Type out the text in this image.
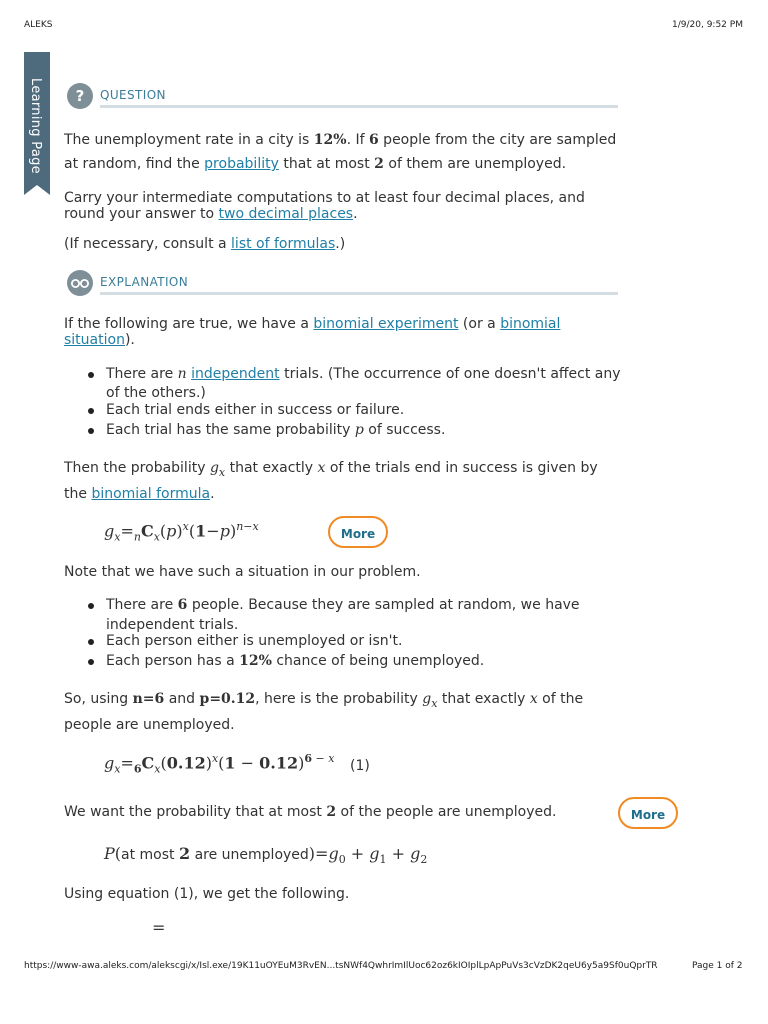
ALEKS	1/9/20, 9:52 PM
Learning Page	?	QUESTION
The unemployment rate in a city is 12%. If 6 people from the city are sampled
at random, find the probability that at most 2 of them are unemployed.
Carry your intermediate computations to at least four decimal places, and
round your answer to two decimal places.
(If necessary, consult a list of formulas.)
EXPLANATION
If the following are true, we have a binomial experiment (or a binomial
situation).
There are n independent trials. (The occurrence of one doesn't affect any
of the others.)
Each trial ends either in success or failure.
Each trial has the same probability p of success.
Then the probability $g_x$ that exactly x of the trials end in success is given by
the binomial formula.
$g_x=_nC_x(p)^x(1-p)^{n-x}$
More
Note that we have such a situation in our problem.
There are 6 people. Because they are sampled at random, we have
independent trials.
Each person either is unemployed or isn't.
Each person has a 12% chance of being unemployed.
So, using n=6 and p=0.12, here is the probability $g_x$ that exactly x of the
people are unemployed.
$g_x=_6C_x(0.12)^x(1 - 0.12)^{6 - x}$ (1)
We want the probability that at most 2 of the people are unemployed.	More
P(at most 2 are $unemployed)=g_0 + g_1 + g_2$
Using equation (1), we get the following.
=
https://www-awa.aleks.com/alekscgi/x/Isl.exe/19K11uOYEuM3RvEN...tsNWf4QwhrImIlUoc62oz6kIOIplLpApPuVs3cVzDK2qeU6y5a9Sf0uQprTR	Page 1 of 2
